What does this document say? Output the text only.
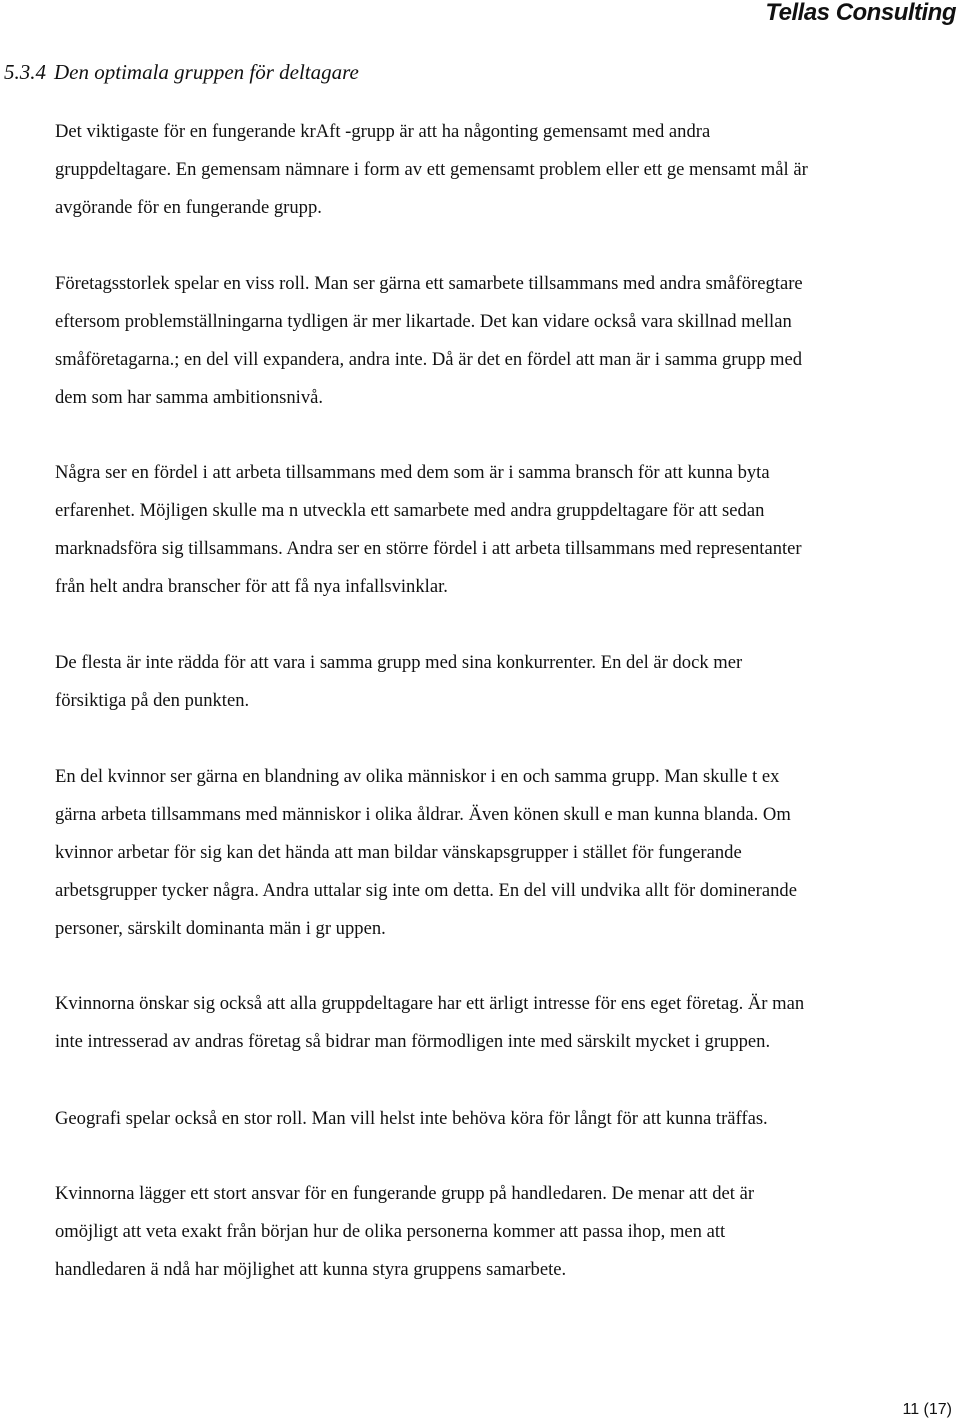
Tellas Consulting
5.3.4 Den optimala gruppen för deltagare
Det viktigaste för en fungerande krAft -grupp är att ha någonting gemensamt med andra
gruppdeltagare. En gemensam nämnare i form av ett gemensamt problem eller ett ge mensamt mål är
avgörande för en fungerande grupp.
Företagsstorlek spelar en viss roll. Man ser gärna ett samarbete tillsammans med andra småföregtare
eftersom problemställningarna tydligen är mer likartade. Det kan vidare också vara skillnad mellan
småföretagarna.; en del vill expandera, andra inte. Då är det en fördel att man är i samma grupp med
dem som har samma ambitionsnivå.
Några ser en fördel i att arbeta tillsammans med dem som är i samma bransch för att kunna byta
erfarenhet. Möjligen skulle ma n utveckla ett samarbete med andra gruppdeltagare för att sedan
marknadsföra sig tillsammans. Andra ser en större fördel i att arbeta tillsammans med representanter
från helt andra branscher för att få nya infallsvinklar.
De flesta är inte rädda för att vara i samma grupp med sina konkurrenter. En del är dock mer
försiktiga på den punkten.
En del kvinnor ser gärna en blandning av olika människor i en och samma grupp. Man skulle t ex
gärna arbeta tillsammans med människor i olika åldrar. Även könen skull e man kunna blanda. Om
kvinnor arbetar för sig kan det hända att man bildar vänskapsgrupper i stället för fungerande
arbetsgrupper tycker några. Andra uttalar sig inte om detta. En del vill undvika allt för dominerande
personer, särskilt dominanta män i gr uppen.
Kvinnorna önskar sig också att alla gruppdeltagare har ett ärligt intresse för ens eget företag. Är man
inte intresserad av andras företag så bidrar man förmodligen inte med särskilt mycket i gruppen.
Geografi spelar också en stor roll. Man vill helst inte behöva köra för långt för att kunna träffas.
Kvinnorna lägger ett stort ansvar för en fungerande grupp på handledaren. De menar att det är
omöjligt att veta exakt från början hur de olika personerna kommer att passa ihop, men att
handledaren ä ndå har möjlighet att kunna styra gruppens samarbete.
11 (17)
